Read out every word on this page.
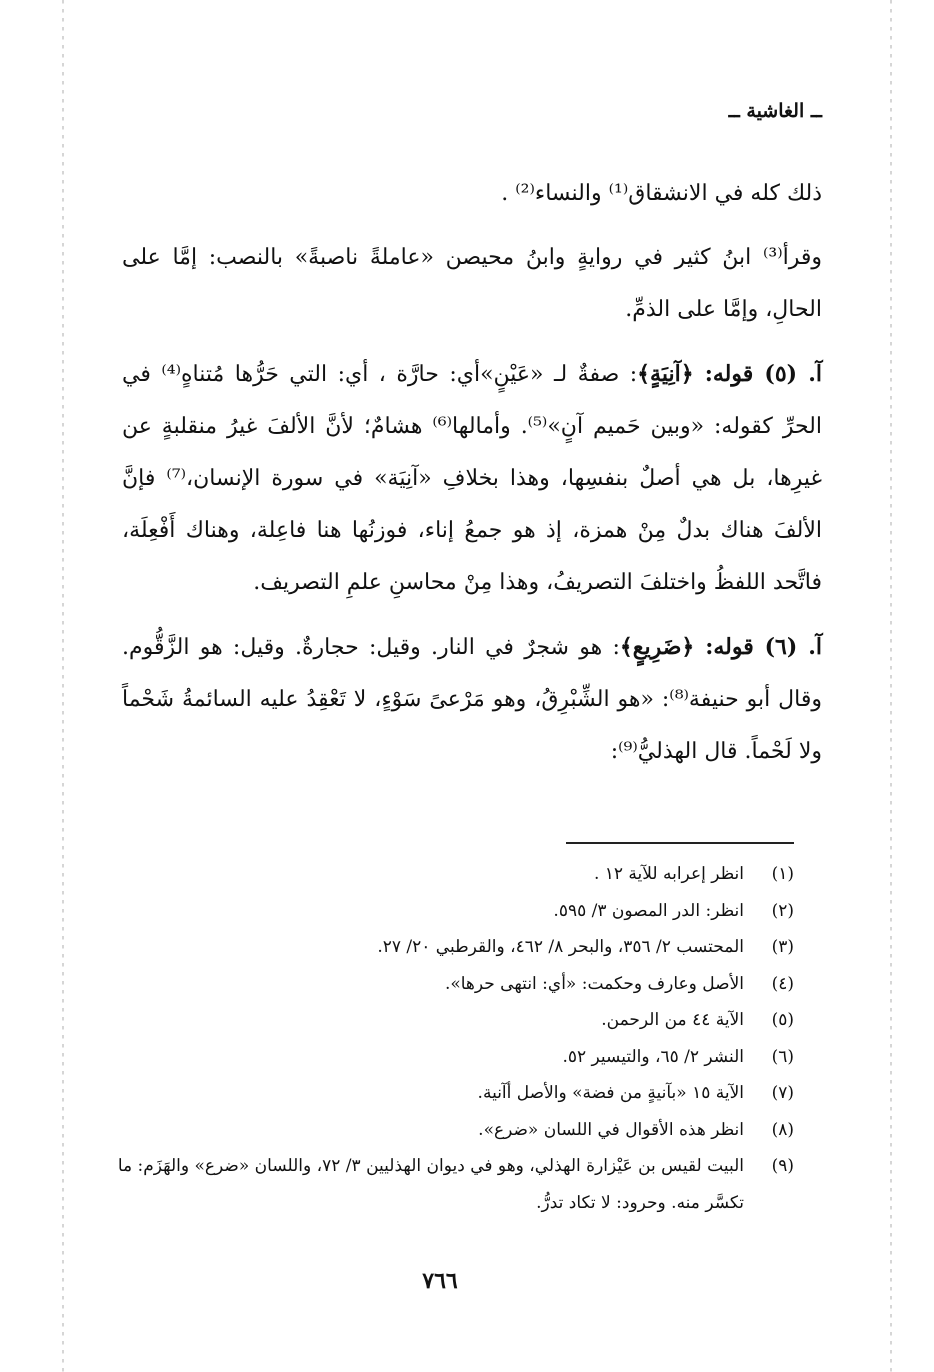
ــ الغاشية ــ

ذلك كله في الانشقاق⁽¹⁾ والنساء⁽²⁾ .

وقرأ⁽³⁾ ابنُ كثير في روايةٍ وابنُ محيصن «عاملةً ناصبةً» بالنصب: إمَّا على الحالِ، وإمَّا على الذمِّ.

آ. (٥) قوله: ﴿آنِيَةٍ﴾: صفةٌ لـ «عَيْنٍ»أي: حارَّة ، أي: التي حَرُّها مُتناهٍ⁽⁴⁾ في الحرِّ كقوله: «وبين حَميم آنٍ»⁽⁵⁾. وأمالها⁽⁶⁾ هشامٌ؛ لأنَّ الألفَ غيرُ منقلبةٍ عن غيرِها، بل هي أصلٌ بنفسِها، وهذا بخلافِ «آنِيَة» في سورة الإنسان،⁽⁷⁾ فإنَّ الألفَ هناك بدلٌ مِنْ همزة، إذ هو جمعُ إناء، فوزنُها هنا فاعِلة، وهناك أَفْعِلَة، فاتَّحد اللفظُ واختلفَ التصريفُ، وهذا مِنْ محاسنِ علمِ التصريف.

آ. (٦) قوله: ﴿ضَرِيعٍ﴾: هو شجرٌ في النار. وقيل: حجارةٌ. وقيل: هو الزَّقُّوم. وقال أبو حنيفة⁽⁸⁾: «هو الشِّبْرِقُ، وهو مَرْعىً سَوْءٍ، لا تَعْقِدُ عليه السائمةُ شَحْماً ولا لَحْماً. قال الهذليُّ⁽⁹⁾:

(١)
انظر إعرابه للآية ١٢ .
(٢)
انظر: الدر المصون ٣/ ٥٩٥.
(٣)
المحتسب ٢/ ٣٥٦، والبحر ٨/ ٤٦٢، والقرطبي ٢٠/ ٢٧.
(٤)
الأصل وعارف وحكمت: «أي: انتهى حرها».
(٥)
الآية ٤٤ من الرحمن.
(٦)
النشر ٢/ ٦٥، والتيسير ٥٢.
(٧)
الآية ١٥ «بآنيةٍ من فضة» والأصل أآنية.
(٨)
انظر هذه الأقوال في اللسان «ضرع».
(٩)
البيت لقيس بن عَيْزارة الهذلي، وهو في ديوان الهذليين ٣/ ٧٢، واللسان «ضرع» والهَزَم: ما تكسَّر منه. وحرود: لا تكاد تدرُّ.
٧٦٦
